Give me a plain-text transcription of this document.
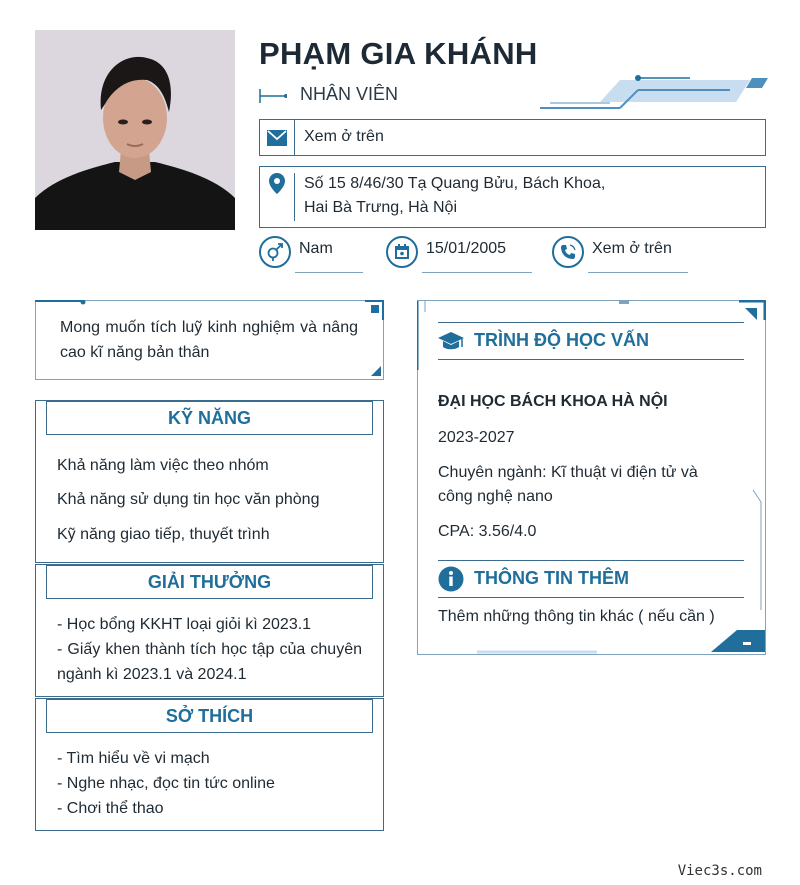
PHẠM GIA KHÁNH
NHÂN VIÊN
Xem ở trên
Số 15 8/46/30 Tạ Quang Bửu, Bách Khoa,
Hai Bà Trưng, Hà Nội
Nam	15/01/2005	Xem ở trên

Mong muốn tích luỹ kinh nghiệm và nâng cao kĩ năng bản thân

KỸ NĂNG
Khả năng làm việc theo nhóm
Khả năng sử dụng tin học văn phòng
Kỹ năng giao tiếp, thuyết trình
GIẢI THƯỞNG
- Học bổng KKHT loại giỏi kì 2023.1
- Giấy khen thành tích học tập của chuyên ngành kì 2023.1 và 2024.1
SỞ THÍCH
- Tìm hiểu về vi mạch
- Nghe nhạc, đọc tin tức online
- Chơi thể thao
TRÌNH ĐỘ HỌC VẤN
ĐẠI HỌC BÁCH KHOA HÀ NỘI
2023-2027
Chuyên ngành: Kĩ thuật vi điện tử và công nghệ nano
CPA: 3.56/4.0
THÔNG TIN THÊM
Thêm những thông tin khác ( nếu cần )
Viec3s.com
